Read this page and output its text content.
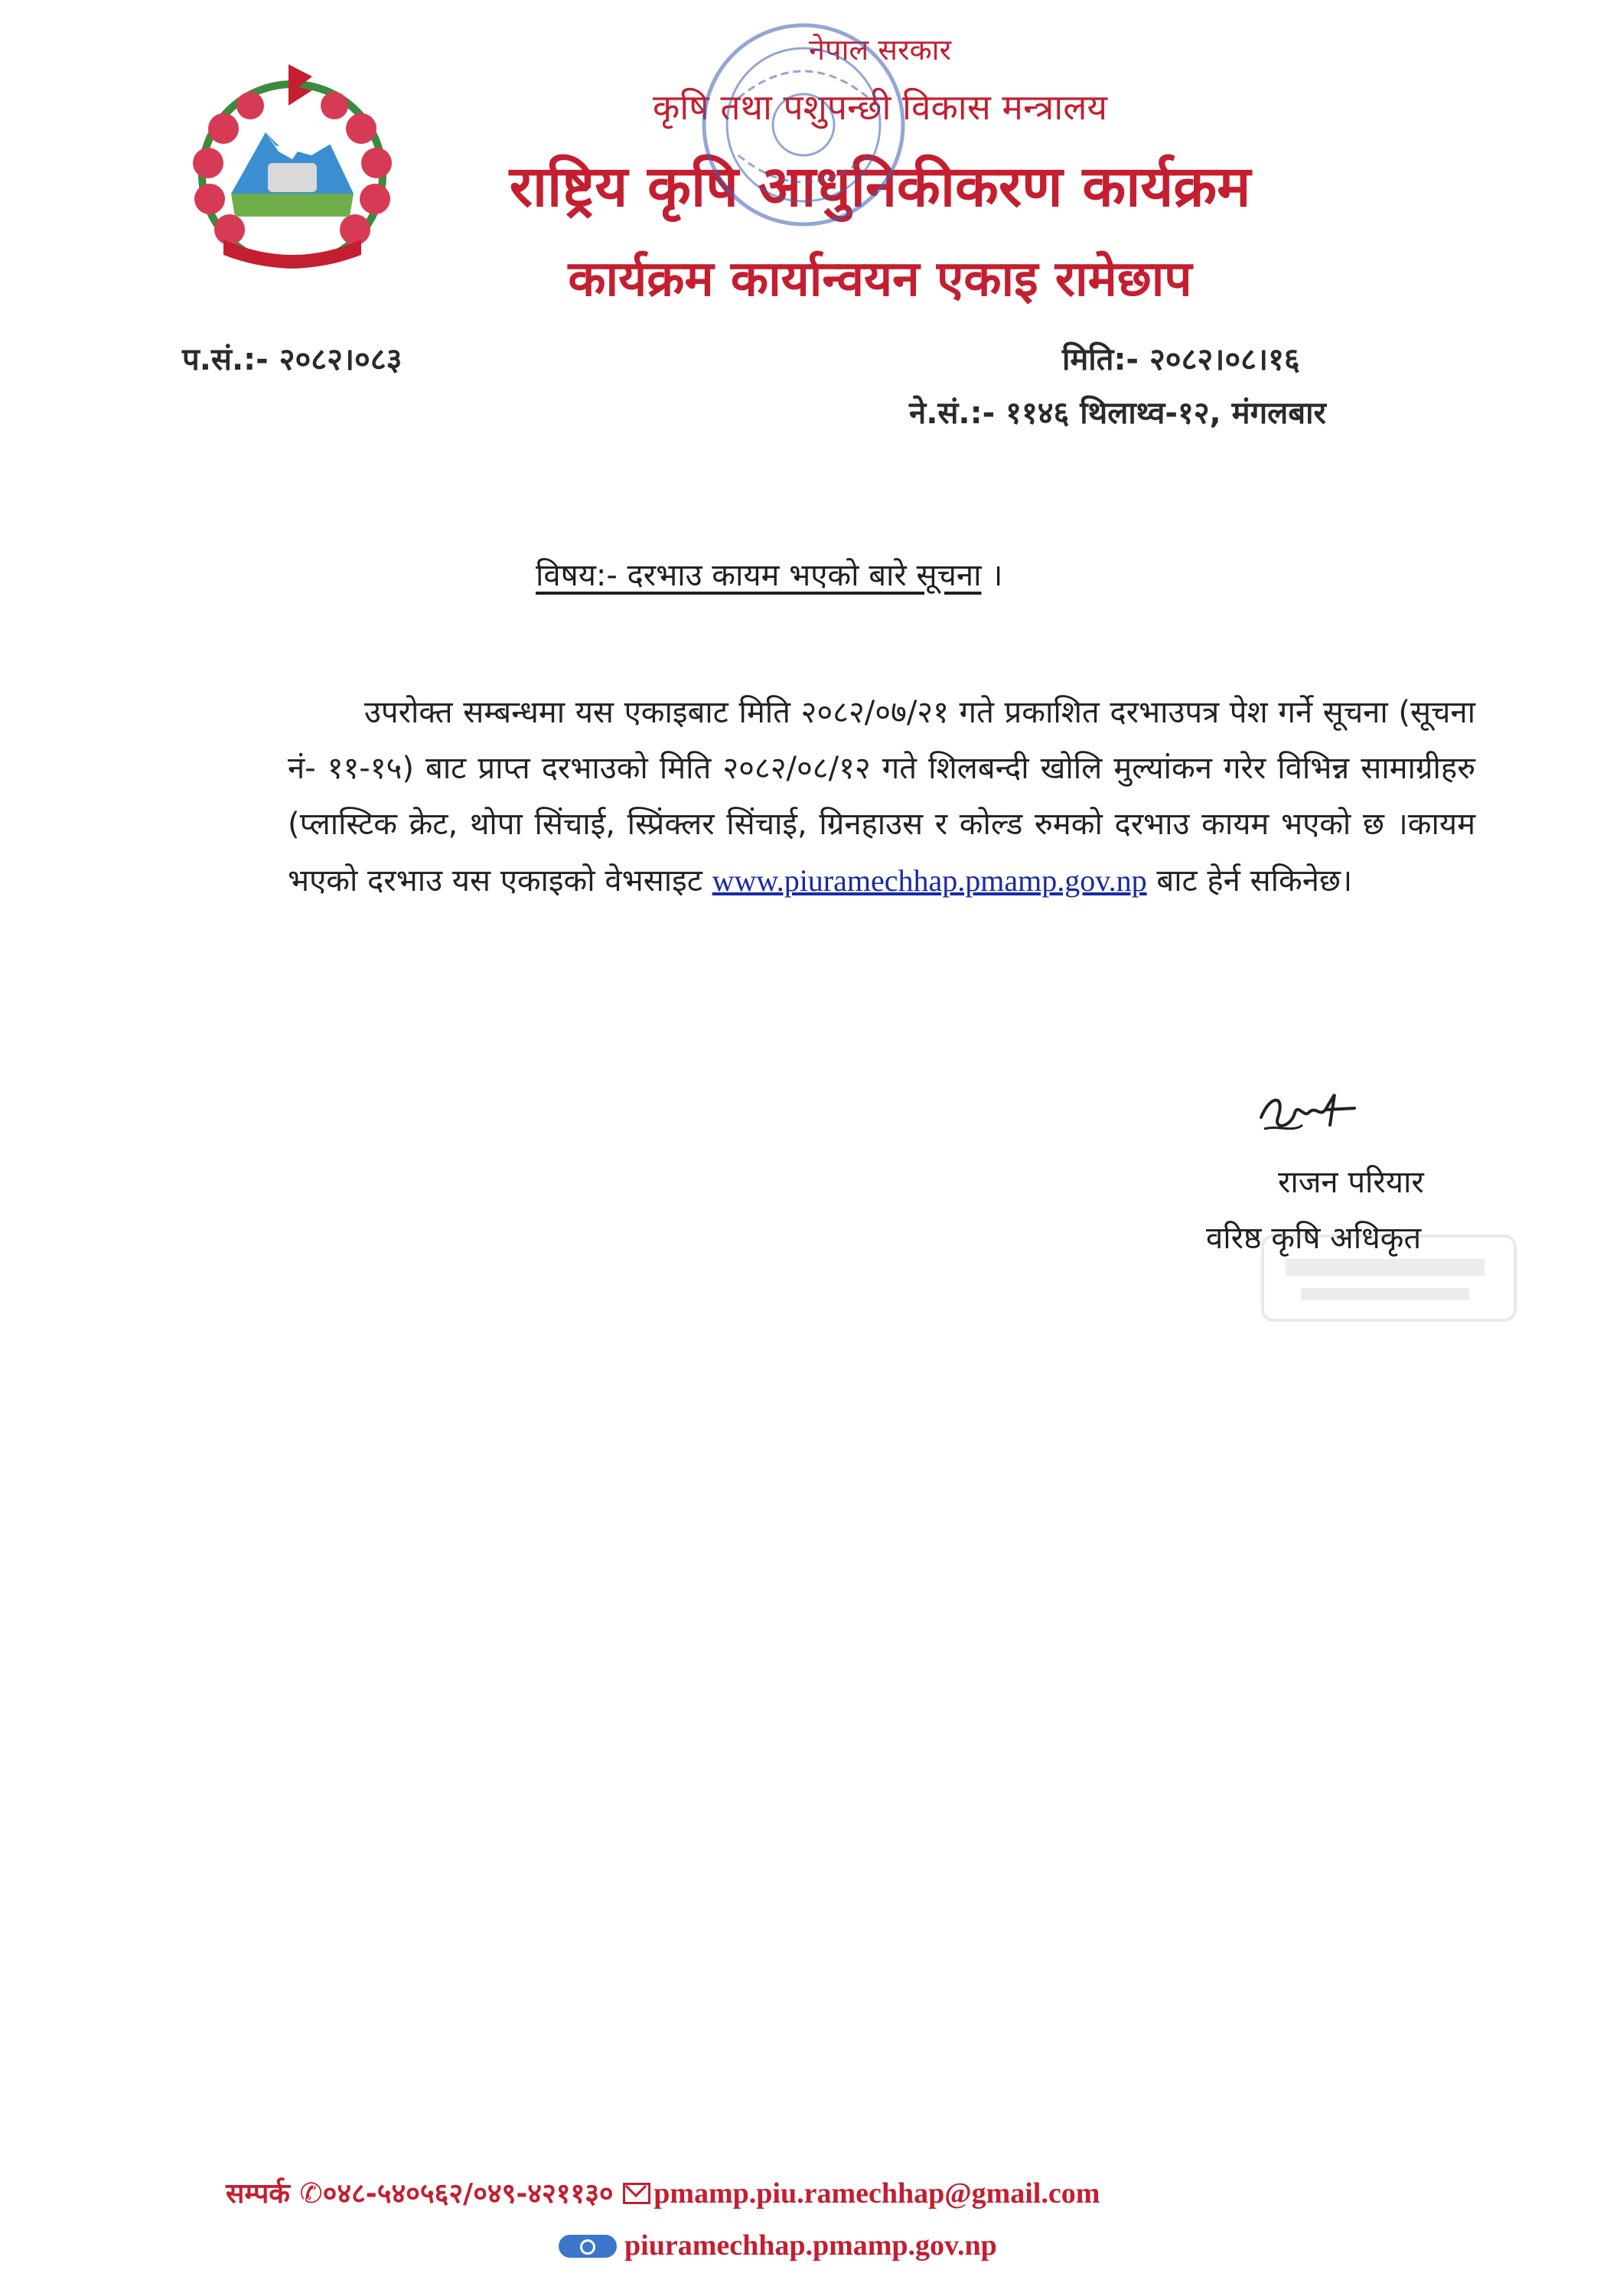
नेपाल सरकार
कृषि तथा पशुपन्छी विकास मन्त्रालय
राष्ट्रिय कृषि आधुनिकीकरण कार्यक्रम
कार्यक्रम कार्यान्वयन एकाइ रामेछाप
प.सं.:- २०८२।०८३	मिति:- २०८२।०८।१६
ने.सं.:- ११४६ थिलाथ्व-१२, मंगलबार
विषय:- दरभाउ कायम भएको बारे सूचना ।
उपरोक्त सम्बन्धमा यस एकाइबाट मिति २०८२/०७/२१ गते प्रकाशित दरभाउपत्र पेश गर्ने सूचना (सूचना नं- ११-१५) बाट प्राप्त दरभाउको मिति २०८२/०८/१२ गते शिलबन्दी खोलि मुल्यांकन गरेर विभिन्न सामाग्रीहरु (प्लास्टिक क्रेट, थोपा सिंचाई, स्प्रिंक्लर सिंचाई, ग्रिनहाउस र कोल्ड रुमको दरभाउ कायम भएको छ ।कायम भएको दरभाउ यस एकाइको वेभसाइट www.piuramechhap.pmamp.gov.np बाट हेर्न सकिनेछ।
राजन परियार
वरिष्ठ कृषि अधिकृत
सम्पर्क ✆०४८-५४०५६२/०४९-४२११३० pmamp.piu.ramechhap@gmail.com
piuramechhap.pmamp.gov.np
